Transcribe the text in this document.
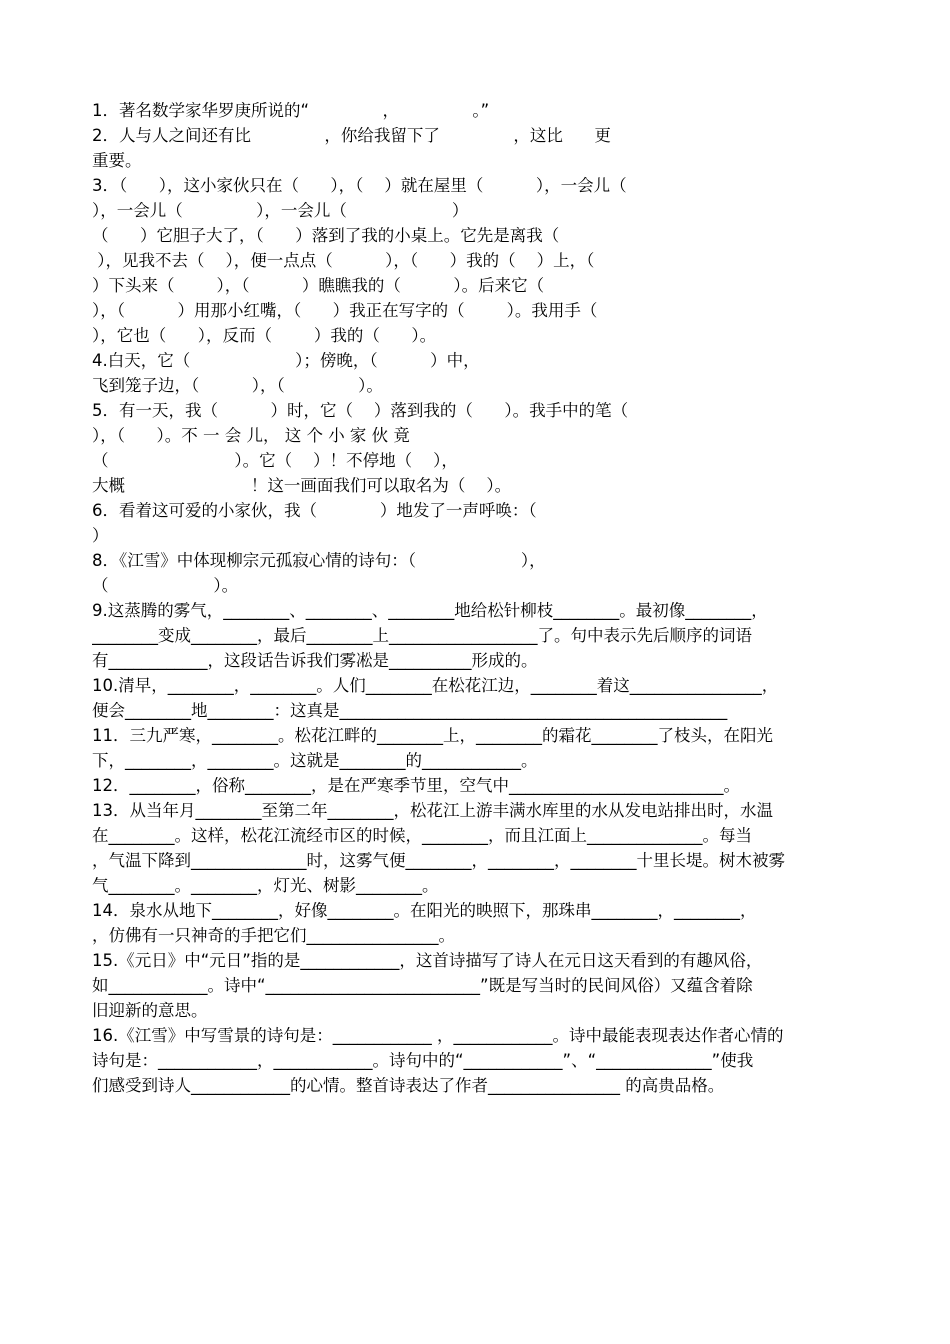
1．著名数学家华罗庚所说的“              ，              。”
2．人与人之间还有比              ，你给我留下了              ，这比      更
重要。
3．（      ），这小家伙只在（      ），（    ）就在屋里（          ），一会儿（
），一会儿（              ），一会儿（                    ）
（      ）它胆子大了，（      ）落到了我的小桌上。它先是离我（
），见我不去（    ），便一点点（          ），（      ）我的（    ）上，（
）下头来（        ），（          ）瞧瞧我的（          ）。后来它（
），（          ）用那小红嘴，（      ）我正在写字的（        ）。我用手（
），它也（      ），反而（        ）我的（      ）。
4.白天，它（                    ）；傍晚，（          ）中，
飞到笼子边，（          ），（              ）。
5．有一天，我（          ）时，它（    ）落到我的（      ）。我手中的笔（
），（      ）。不 一 会 儿， 这 个 小 家 伙 竟
（                        ）。它（    ）！不停地（    ），
大概                        ！这一画面我们可以取名为（    ）。
6．看着这可爱的小家伙，我（            ）地发了一声呼唤：（
）
8．《江雪》中体现柳宗元孤寂心情的诗句：（                    ），
（                    ）。
9.这蒸腾的雾气，________、________、________地给松针柳枝________。最初像________，
________变成________，最后________上__________________了。句中表示先后顺序的词语
有____________，这段话告诉我们雾凇是__________形成的。
10.清早，________，________。人们________在松花江边，________着这________________，
便会________地________：这真是_______________________________________________
11．三九严寒，________。松花江畔的________上，________的霜花________了枝头，在阳光
下，________，________。这就是________的____________。
12．________，俗称________，是在严寒季节里，空气中__________________________。
13．从当年月________至第二年________，松花江上游丰满水库里的水从发电站排出时，水温
在________。这样，松花江流经市区的时候，________，而且江面上______________。每当
，气温下降到______________时，这雾气便________，________，________十里长堤。树木被雾
气________。________，灯光、树影________。
14．泉水从地下________，好像________。在阳光的映照下，那珠串________，________，
，仿佛有一只神奇的手把它们________________。
15.《元日》中“元日”指的是____________，这首诗描写了诗人在元日这天看到的有趣风俗，
如____________。诗中“__________________________”既是写当时的民间风俗）又蕴含着除
旧迎新的意思。
16.《江雪》中写雪景的诗句是：____________ ，____________。诗中最能表现表达作者心情的
诗句是：____________，____________。诗句中的“____________”、“______________”使我
们感受到诗人____________的心情。整首诗表达了作者________________ 的高贵品格。
